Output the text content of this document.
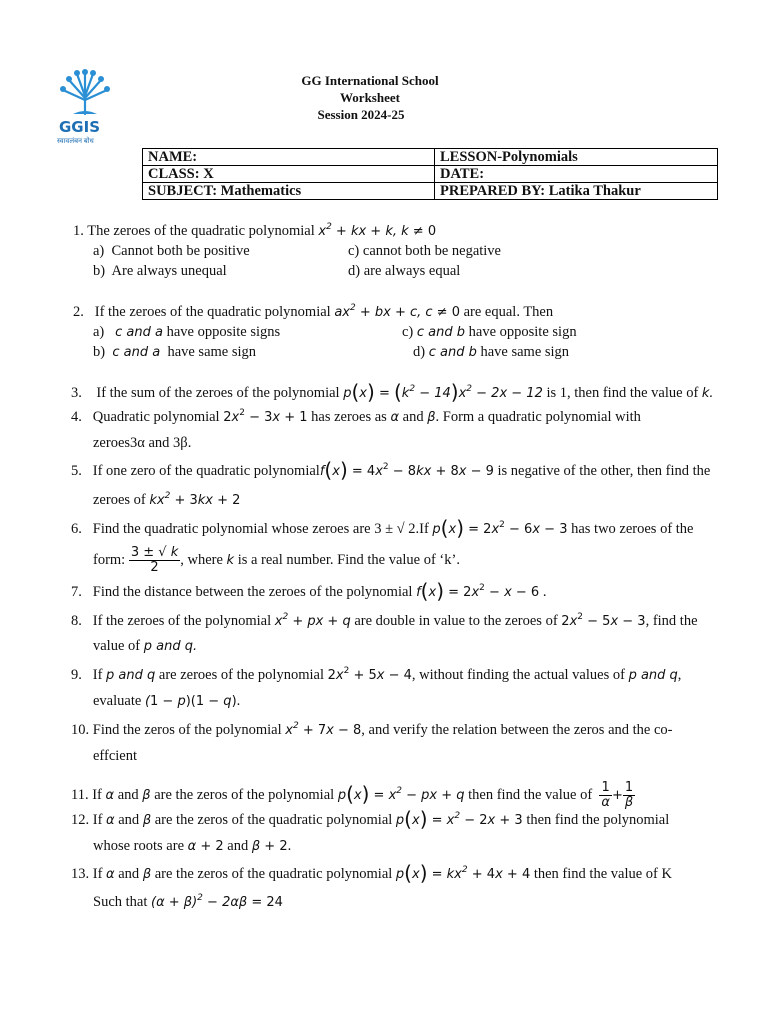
GGIS
स्वावलंबन बोध
GG International School
Worksheet
Session 2024-25
NAME:	LESSON-Polynomials
CLASS: X	DATE:
SUBJECT: Mathematics	PREPARED BY: Latika Thakur
1. The zeroes of the quadratic polynomial $x^2$ + kx + k, k ≠ 0
a) Cannot both be positive
b) Are always unequal
c) cannot both be negative
d) are always equal
2. If the zeroes of the quadratic polynomial $ax^2$ + bx + c, c ≠ 0 are equal. Then
a) c and a have opposite signs
b) c and a have same sign
c) c and b have opposite sign
d) c and b have same sign
3. If the sum of the zeroes of the polynomial $p(x) = (k^2 - 14)x^2 - 2x - 12$ is 1, then find the value of k.
4. Quadratic polynomial $2x^2 - 3x + 1$ has zeroes as α and β. Form a quadratic polynomial with
zeroes3α and 3β.
5. If one zero of the quadratic polynomialf(x) = $4x^2 - 8kx + 8x - 9$ is negative of the other, then find the
zeroes of $kx^2 + 3kx + 2$
6. Find the quadratic polynomial whose zeroes are 3 ± √ 2.If $p(x) = 2x^2 - 6x - 3$ has two zeroes of the
form: $\frac{3 \pm √ k}{2}$ , where k is a real number. Find the value of ‘k’.
7. Find the distance between the zeroes of the polynomial $f(x) = 2x^2 - x - 6$ .
8. If the zeroes of the polynomial $x^2$ + px + q are double in value to the zeroes of $2x^2 - 5x - 3$, find the
value of p and q.
9. If p and q are zeroes of the polynomial $2x^2 + 5x - 4$, without finding the actual values of p and q,
evaluate (1 − p)(1 − q).
10. Find the zeros of the polynomial $x^2 + 7x - 8$, and verify the relation between the zeros and the co-
effcient
11. If α and β are the zeros of the polynomial $p(x) = x^2$ − px + q then find the value of $\frac{1}{\alpha} + \frac{1}{\beta}$
12. If α and β are the zeros of the quadratic polynomial $p(x) = x^2 - 2x + 3$ then find the polynomial
whose roots are α + 2 and β + 2.
13. If α and β are the zeros of the quadratic polynomial $p(x) = kx^2 + 4x + 4$ then find the value of K
Such that $(\alpha + \beta)^2 - 2\alpha\beta = 24$
